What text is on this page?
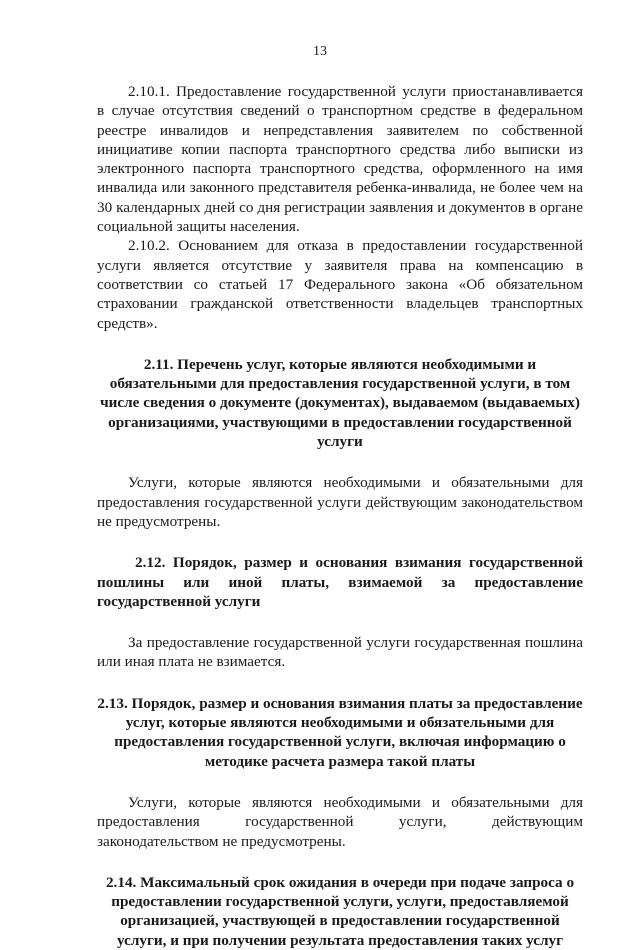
13

2.10.1. Предоставление государственной услуги приостанавливается в случае отсутствия сведений о транспортном средстве в федеральном реестре инвалидов и непредставления заявителем по собственной инициативе копии паспорта транспортного средства либо выписки из электронного паспорта транспортного средства, оформленного на имя инвалида или законного представителя ребенка-инвалида, не более чем на 30 календарных дней со дня регистрации заявления и документов в органе социальной защиты населения.

2.10.2. Основанием для отказа в предоставлении государственной услуги является отсутствие у заявителя права на компенсацию в соответствии со статьей 17 Федерального закона «Об обязательном страховании гражданской ответственности владельцев транспортных средств».

2.11. Перечень услуг, которые являются необходимыми и обязательными для предоставления государственной услуги, в том числе сведения о документе (документах), выдаваемом (выдаваемых) организациями, участвующими в предоставлении государственной услуги

Услуги, которые являются необходимыми и обязательными для предоставления государственной услуги действующим законодательством не предусмотрены.

2.12. Порядок, размер и основания взимания государственной пошлины или иной платы, взимаемой за предоставление государственной услуги

За предоставление государственной услуги государственная пошлина или иная плата не взимается.

2.13. Порядок, размер и основания взимания платы за предоставление услуг, которые являются необходимыми и обязательными для предоставления государственной услуги, включая информацию о методике расчета размера такой платы

Услуги, которые являются необходимыми и обязательными для предоставления государственной услуги, действующим законодательством не предусмотрены.

2.14. Максимальный срок ожидания в очереди при подаче запроса о предоставлении государственной услуги, услуги, предоставляемой организацией, участвующей в предоставлении государственной услуги, и при получении результата предоставления таких услуг
